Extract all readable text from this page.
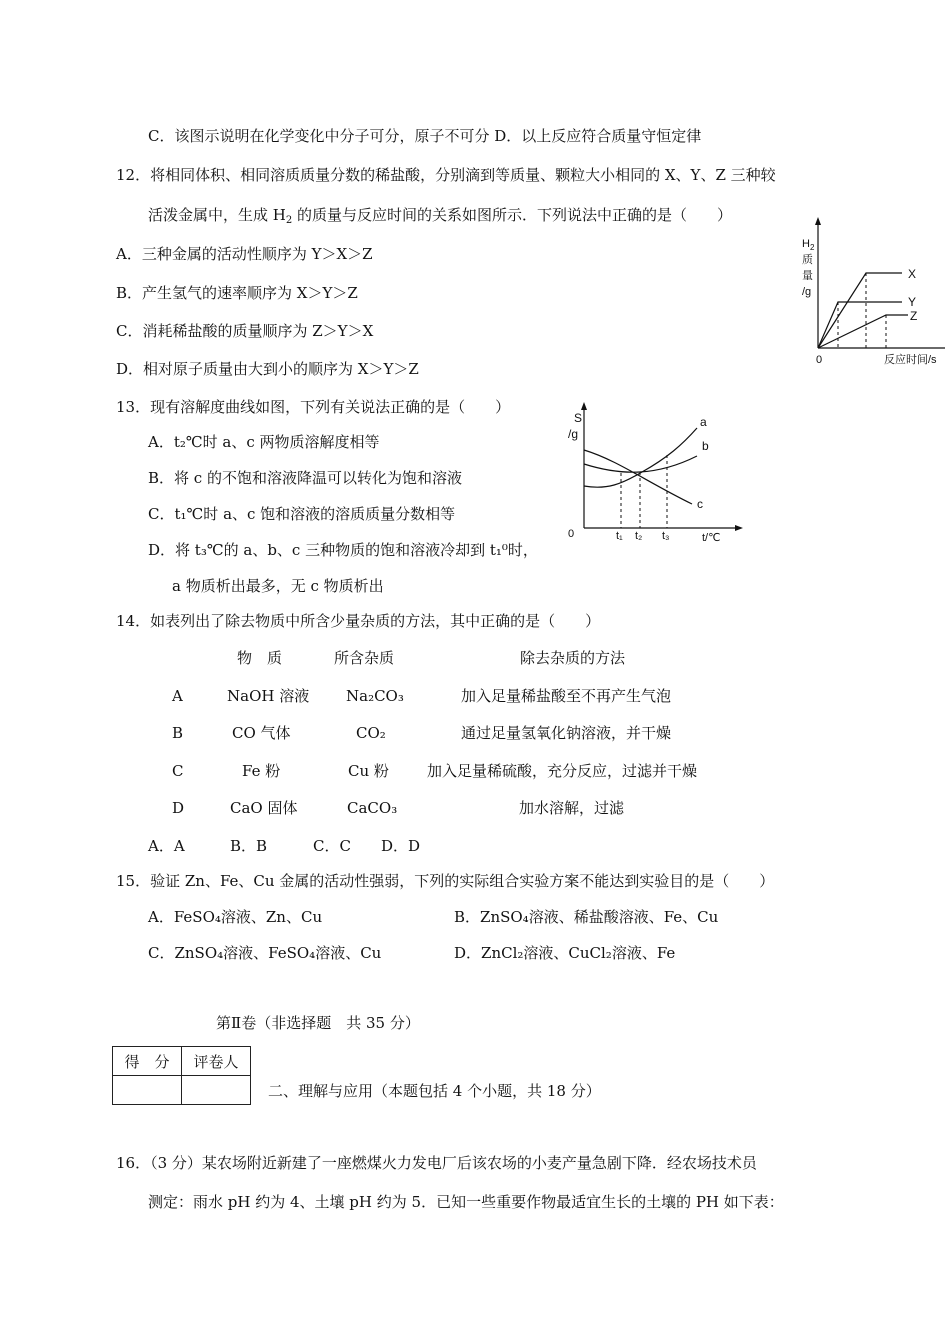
C．该图示说明在化学变化中分子可分，原子不可分 D．以上反应符合质量守恒定律
12．将相同体积、相同溶质质量分数的稀盐酸，分别滴到等质量、颗粒大小相同的 X、Y、Z 三种较
活泼金属中，生成 $H_2$ 的质量与反应时间的关系如图所示．下列说法中正确的是（　　）
A．三种金属的活动性顺序为 Y＞X＞Z
B．产生氢气的速率顺序为 X＞Y＞Z
C．消耗稀盐酸的质量顺序为 Z＞Y＞X
D．相对原子质量由大到小的顺序为 X＞Y＞Z
$H_2$
质
量
/g
0	反应时间/s
X
Y
Z
13．现有溶解度曲线如图，下列有关说法正确的是（　　）
A．t₂℃时 a、c 两物质溶解度相等
B．将 c 的不饱和溶液降温可以转化为饱和溶液
C．t₁℃时 a、c 饱和溶液的溶质质量分数相等
D．将 t₃℃的 a、b、c 三种物质的饱和溶液冷却到 t₁⁰时，
a 物质析出最多，无 c 物质析出
S
/g
0
a
b
c
t₁ t₂ t₃	t/℃
14．如表列出了除去物质中所含少量杂质的方法，其中正确的是（　　）
物　质	所含杂质	除去杂质的方法
A	NaOH 溶液 Na₂CO₃	加入足量稀盐酸至不再产生气泡
B	CO 气体	CO₂	通过足量氢氧化钠溶液，并干燥
C	Fe 粉	Cu 粉	加入足量稀硫酸，充分反应，过滤并干燥
D	CaO 固体	CaCO₃	加水溶解，过滤
A．A	B．B	C．C D．D
15．验证 Zn、Fe、Cu 金属的活动性强弱，下列的实际组合实验方案不能达到实验目的是（　　）
A．FeSO₄溶液、Zn、Cu	B．ZnSO₄溶液、稀盐酸溶液、Fe、Cu
C．ZnSO₄溶液、FeSO₄溶液、Cu	D．ZnCl₂溶液、CuCl₂溶液、Fe
第Ⅱ卷（非选择题　共 35 分）
得　分	评卷人

二、理解与应用（本题包括 4 个小题，共 18 分）
16．（3 分）某农场附近新建了一座燃煤火力发电厂后该农场的小麦产量急剧下降．经农场技术员
测定：雨水 pH 约为 4、土壤 pH 约为 5．已知一些重要作物最适宜生长的土壤的 PH 如下表：
